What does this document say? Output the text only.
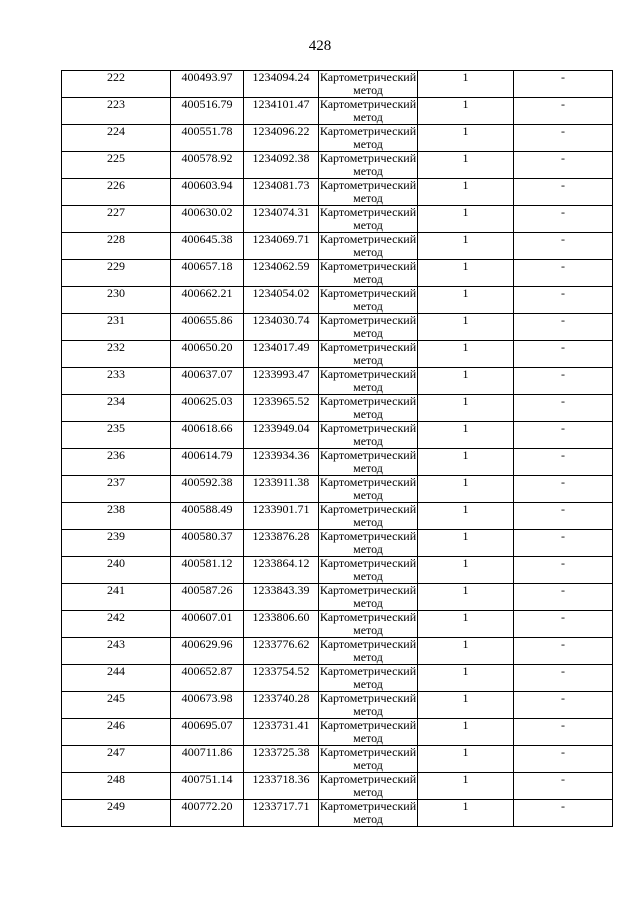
428
222	400493.97	1234094.24	Картометрический метод	1	-
223	400516.79	1234101.47	Картометрический метод	1	-
224	400551.78	1234096.22	Картометрический метод	1	-
225	400578.92	1234092.38	Картометрический метод	1	-
226	400603.94	1234081.73	Картометрический метод	1	-
227	400630.02	1234074.31	Картометрический метод	1	-
228	400645.38	1234069.71	Картометрический метод	1	-
229	400657.18	1234062.59	Картометрический метод	1	-
230	400662.21	1234054.02	Картометрический метод	1	-
231	400655.86	1234030.74	Картометрический метод	1	-
232	400650.20	1234017.49	Картометрический метод	1	-
233	400637.07	1233993.47	Картометрический метод	1	-
234	400625.03	1233965.52	Картометрический метод	1	-
235	400618.66	1233949.04	Картометрический метод	1	-
236	400614.79	1233934.36	Картометрический метод	1	-
237	400592.38	1233911.38	Картометрический метод	1	-
238	400588.49	1233901.71	Картометрический метод	1	-
239	400580.37	1233876.28	Картометрический метод	1	-
240	400581.12	1233864.12	Картометрический метод	1	-
241	400587.26	1233843.39	Картометрический метод	1	-
242	400607.01	1233806.60	Картометрический метод	1	-
243	400629.96	1233776.62	Картометрический метод	1	-
244	400652.87	1233754.52	Картометрический метод	1	-
245	400673.98	1233740.28	Картометрический метод	1	-
246	400695.07	1233731.41	Картометрический метод	1	-
247	400711.86	1233725.38	Картометрический метод	1	-
248	400751.14	1233718.36	Картометрический метод	1	-
249	400772.20	1233717.71	Картометрический метод	1	-
